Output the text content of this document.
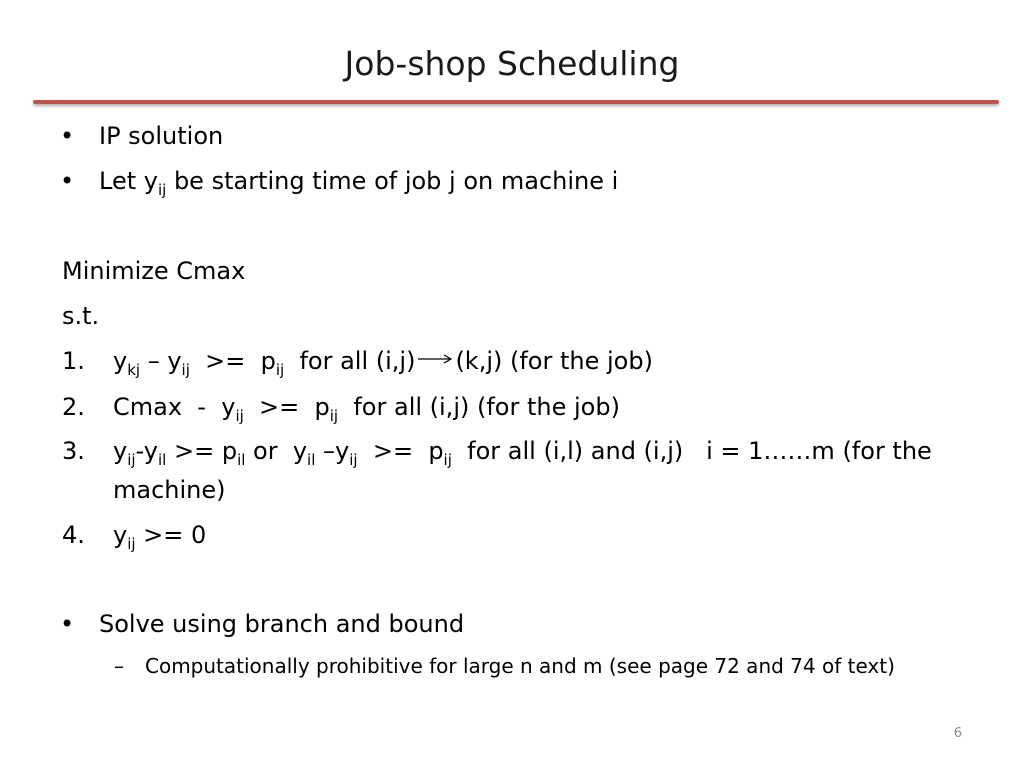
Job-shop Scheduling
• IP solution
• Let $y_{ij}$ be starting time of job j on machine i
Minimize Cmax
s.t.
1. $y_{kj} - y_{ij} >= p_{ij}$  for all (i,j) (k,j) (for the job)
2. $Cmax - y_{ij} >= p_{ij}$  for all (i,j) (for the job)
3. $y_{ij}-y_{il} >= p_{il}$ or  $y_{il}$ $-y_{ij} >= p_{ij}$  for all (i,l) and (i,j)   i = 1……m (for the
machine)
4. $y_{ij} >= 0$
• Solve using branch and bound
– Computationally prohibitive for large n and m (see page 72 and 74 of text)
6
